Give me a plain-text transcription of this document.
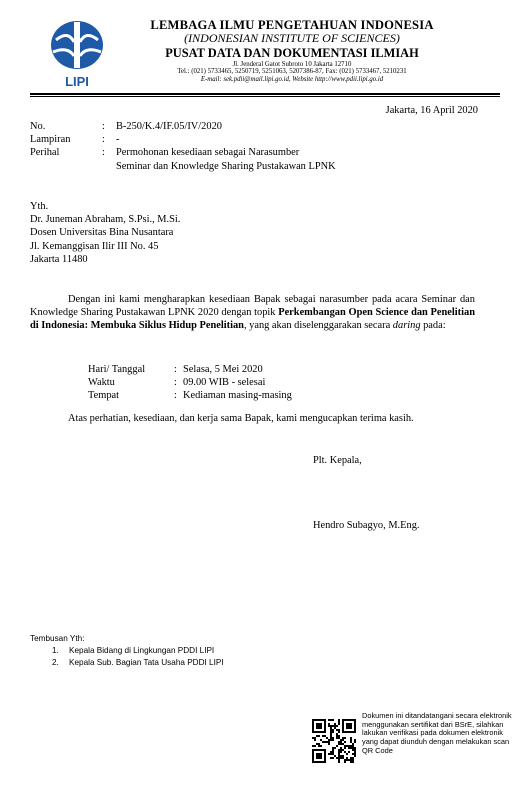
LIPI
LEMBAGA ILMU PENGETAHUAN INDONESIA
(INDONESIAN INSTITUTE OF SCIENCES)
PUSAT DATA DAN DOKUMENTASI ILMIAH
Jl. Jenderal Gatot Subroto 10 Jakarta 12710
Tel.: (021) 5733465, 5250719, 5251063, 5207386-87, Fax: (021) 5733467, 5210231
E-mail: sek.pdii@mail.lipi.go.id, Website http://www.pdii.lipi.go.id
Jakarta, 16 April 2020
No.	:	B-250/K.4/IF.05/IV/2020
Lampiran	:	-
Perihal	:	Permohonan kesediaan sebagai Narasumber
Seminar dan Knowledge Sharing Pustakawan LPNK
Yth.
Dr. Juneman Abraham, S.Psi., M.Si.
Dosen Universitas Bina Nusantara
Jl. Kemanggisan Ilir III No. 45
Jakarta 11480
Dengan ini kami mengharapkan kesediaan Bapak sebagai narasumber pada acara Seminar dan Knowledge Sharing Pustakawan LPNK 2020 dengan topik Perkembangan Open Science dan Penelitian di Indonesia: Membuka Siklus Hidup Penelitian, yang akan diselenggarakan secara daring pada:
Hari/ Tanggal	: Selasa, 5 Mei 2020
Waktu	: 09.00 WIB - selesai
Tempat	: Kediaman masing-masing
Atas perhatian, kesediaan, dan kerja sama Bapak, kami mengucapkan terima kasih.
Plt. Kepala,
Hendro Subagyo, M.Eng.
Tembusan Yth:
1.	Kepala Bidang di Lingkungan PDDI LIPI
2.	Kepala Sub. Bagian Tata Usaha PDDI LIPI
Dokumen ini ditandatangani secara elektronik menggunakan sertifikat dari BSrE, silahkan lakukan verifikasi pada dokumen elektronik yang dapat diunduh dengan melakukan scan QR Code
